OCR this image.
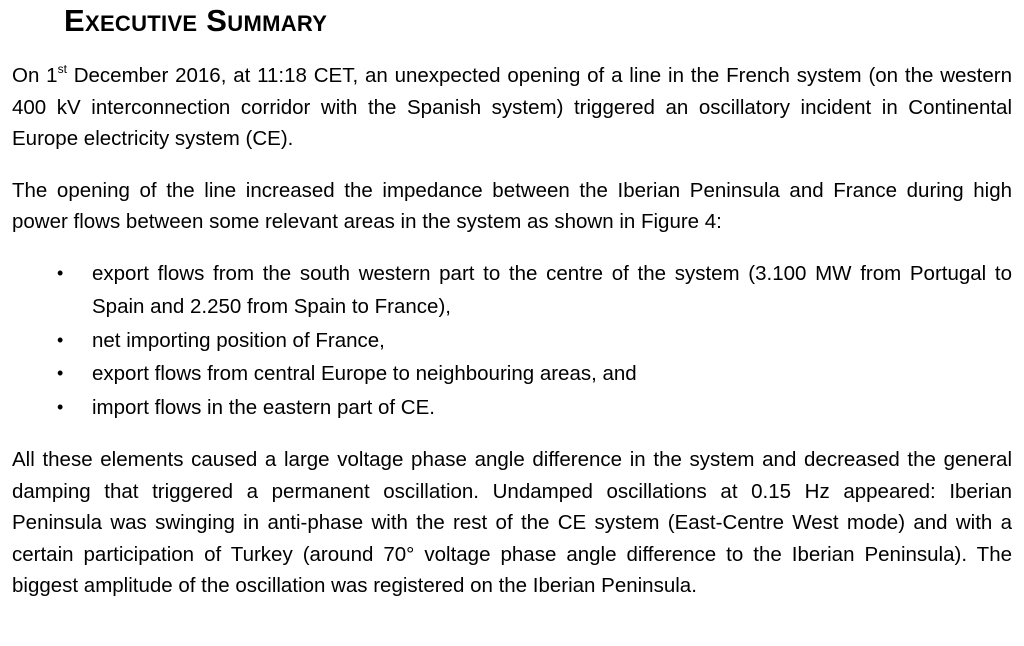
Executive Summary

On 1st December 2016, at 11:18 CET, an unexpected opening of a line in the French system (on the western 400 kV interconnection corridor with the Spanish system) triggered an oscillatory incident in Continental Europe electricity system (CE).

The opening of the line increased the impedance between the Iberian Peninsula and France during high power flows between some relevant areas in the system as shown in Figure 4:

• export flows from the south western part to the centre of the system (3.100 MW from Portugal to Spain and 2.250 from Spain to France),
• net importing position of France,
• export flows from central Europe to neighbouring areas, and
• import flows in the eastern part of CE.

All these elements caused a large voltage phase angle difference in the system and decreased the general damping that triggered a permanent oscillation. Undamped oscillations at 0.15 Hz appeared: Iberian Peninsula was swinging in anti-phase with the rest of the CE system (East-Centre West mode) and with a certain participation of Turkey (around 70° voltage phase angle difference to the Iberian Peninsula). The biggest amplitude of the oscillation was registered on the Iberian Peninsula.
